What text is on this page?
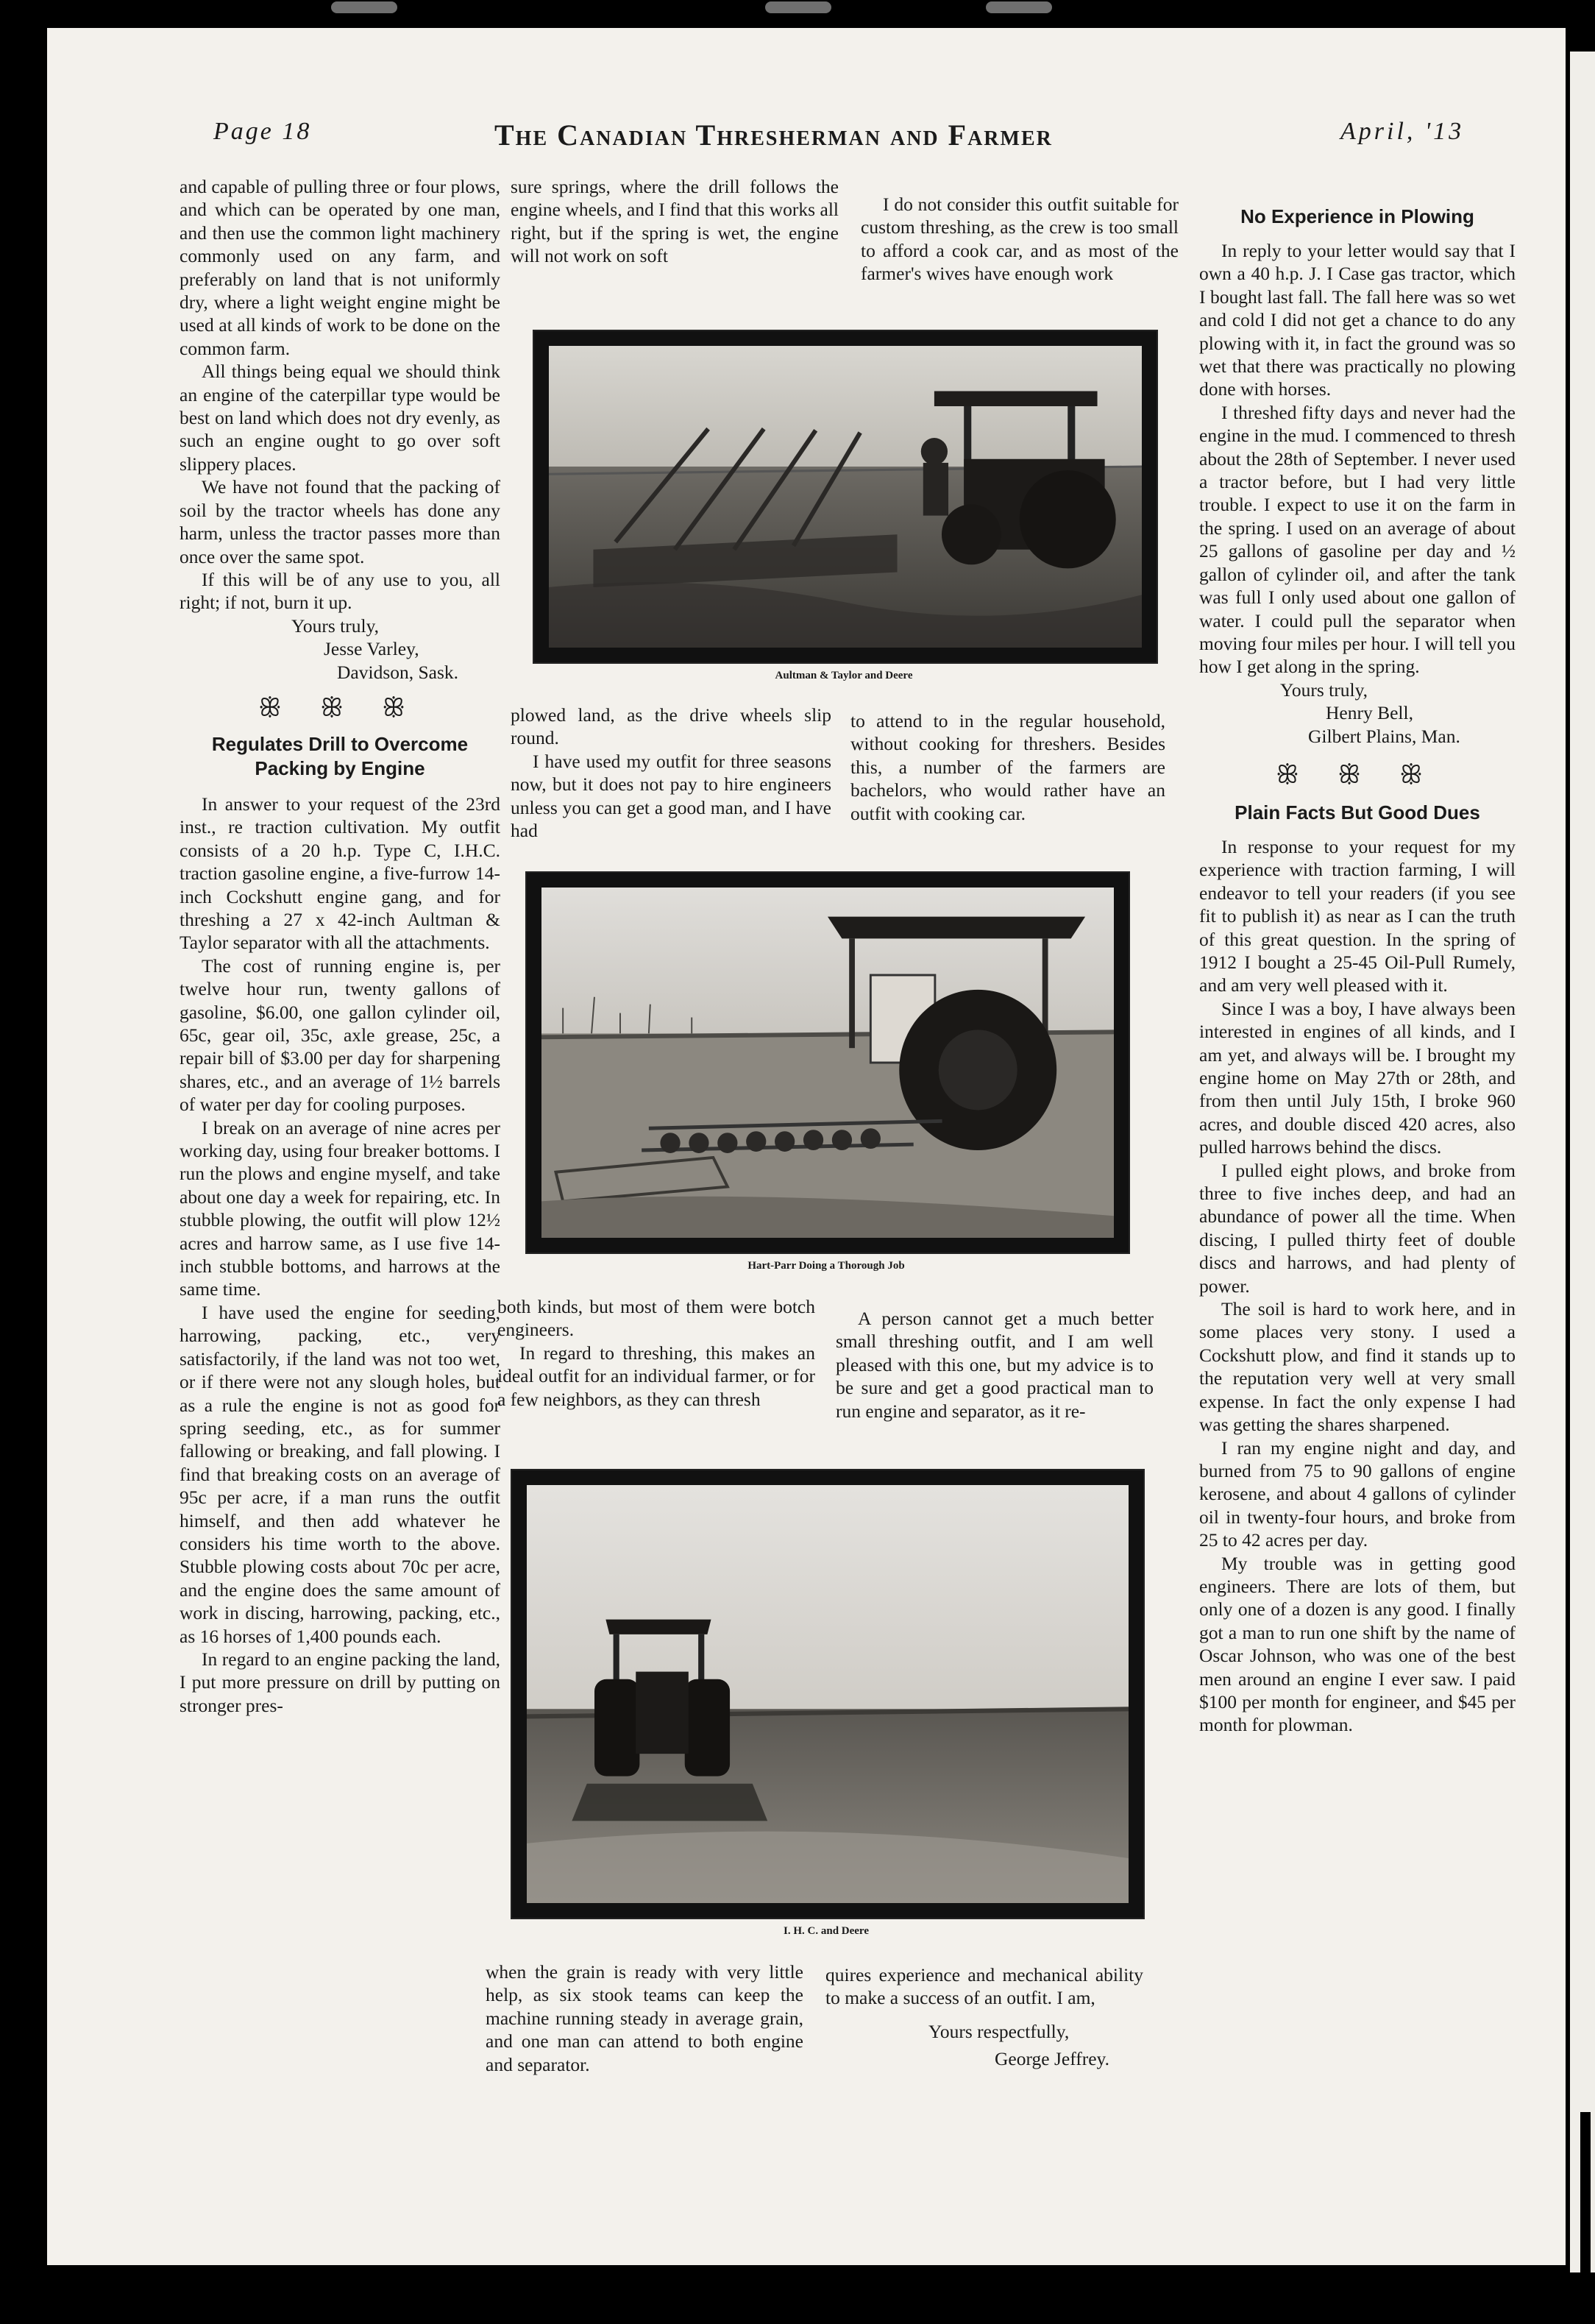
Page 18	The Canadian Thresherman and Farmer	April, '13

and capable of pulling three or four plows, and which can be operated by one man, and then use the common light machinery commonly used on any farm, and preferably on land that is not uniformly dry, where a light weight engine might be used at all kinds of work to be done on the common farm.

All things being equal we should think an engine of the caterpillar type would be best on land which does not dry evenly, as such an engine ought to go over soft slippery places.

We have not found that the packing of soil by the tractor wheels has done any harm, unless the tractor passes more than once over the same spot.

If this will be of any use to you, all right; if not, burn it up.

Yours truly,

Jesse Varley,

Davidson, Sask.

ꕥ ꕥ ꕥ
Regulates Drill to Overcome Packing by Engine

In answer to your request of the 23rd inst., re traction cultivation. My outfit consists of a 20 h.p. Type C, I.H.C. traction gasoline engine, a five-furrow 14-inch Cockshutt engine gang, and for threshing a 27 x 42-inch Aultman & Taylor separator with all the attachments.

The cost of running engine is, per twelve hour run, twenty gallons of gasoline, $6.00, one gallon cylinder oil, 65c, gear oil, 35c, axle grease, 25c, a repair bill of $3.00 per day for sharpening shares, etc., and an average of 1½ barrels of water per day for cooling purposes.

I break on an average of nine acres per working day, using four breaker bottoms. I run the plows and engine myself, and take about one day a week for repairing, etc. In stubble plowing, the outfit will plow 12½ acres and harrow same, as I use five 14-inch stubble bottoms, and harrows at the same time.

I have used the engine for seeding, harrowing, packing, etc., very satisfactorily, if the land was not too wet, or if there were not any slough holes, but as a rule the engine is not as good for spring seeding, etc., as for summer fallowing or breaking, and fall plowing. I find that breaking costs on an average of 95c per acre, if a man runs the outfit himself, and then add whatever he considers his time worth to the above. Stubble plowing costs about 70c per acre, and the engine does the same amount of work in discing, harrowing, packing, etc., as 16 horses of 1,400 pounds each.

In regard to an engine packing the land, I put more pressure on drill by putting on stronger pres-

sure springs, where the drill follows the engine wheels, and I find that this works all right, but if the spring is wet, the engine will not work on soft

plowed land, as the drive wheels slip round.

I have used my outfit for three seasons now, but it does not pay to hire engineers unless you can get a good man, and I have had

both kinds, but most of them were botch engineers.

In regard to threshing, this makes an ideal outfit for an individual farmer, or for a few neighbors, as they can thresh

when the grain is ready with very little help, as six stook teams can keep the machine running steady in average grain, and one man can attend to both engine and separator.

I do not consider this outfit suitable for custom threshing, as the crew is too small to afford a cook car, and as most of the farmer's wives have enough work

to attend to in the regular household, without cooking for threshers. Besides this, a number of the farmers are bachelors, who would rather have an outfit with cooking car.

A person cannot get a much better small threshing outfit, and I am well pleased with this one, but my advice is to be sure and get a good practical man to run engine and separator, as it re-

quires experience and mechanical ability to make a success of an outfit. I am,

Yours respectfully,

George Jeffrey.

No Experience in Plowing

In reply to your letter would say that I own a 40 h.p. J. I Case gas tractor, which I bought last fall. The fall here was so wet and cold I did not get a chance to do any plowing with it, in fact the ground was so wet that there was practically no plowing done with horses.

I threshed fifty days and never had the engine in the mud. I commenced to thresh about the 28th of September. I never used a tractor before, but I had very little trouble. I expect to use it on the farm in the spring. I used on an average of about 25 gallons of gasoline per day and ½ gallon of cylinder oil, and after the tank was full I only used about one gallon of water. I could pull the separator when moving four miles per hour. I will tell you how I get along in the spring.

Yours truly,

Henry Bell,

Gilbert Plains, Man.

ꕥ ꕥ ꕥ
Plain Facts But Good Dues

In response to your request for my experience with traction farming, I will endeavor to tell your readers (if you see fit to publish it) as near as I can the truth of this great question. In the spring of 1912 I bought a 25-45 Oil-Pull Rumely, and am very well pleased with it.

Since I was a boy, I have always been interested in engines of all kinds, and I am yet, and always will be. I brought my engine home on May 27th or 28th, and from then until July 15th, I broke 960 acres, and double disced 420 acres, also pulled harrows behind the discs.

I pulled eight plows, and broke from three to five inches deep, and had an abundance of power all the time. When discing, I pulled thirty feet of double discs and harrows, and had plenty of power.

The soil is hard to work here, and in some places very stony. I used a Cockshutt plow, and find it stands up to the reputation very well at very small expense. In fact the only expense I had was getting the shares sharpened.

I ran my engine night and day, and burned from 75 to 90 gallons of engine kerosene, and about 4 gallons of cylinder oil in twenty-four hours, and broke from 25 to 42 acres per day.

My trouble was in getting good engineers. There are lots of them, but only one of a dozen is any good. I finally got a man to run one shift by the name of Oscar Johnson, who was one of the best men around an engine I ever saw. I paid $100 per month for engineer, and $45 per month for plowman.

Aultman & Taylor and Deere
Hart-Parr Doing a Thorough Job
I. H. C. and Deere
